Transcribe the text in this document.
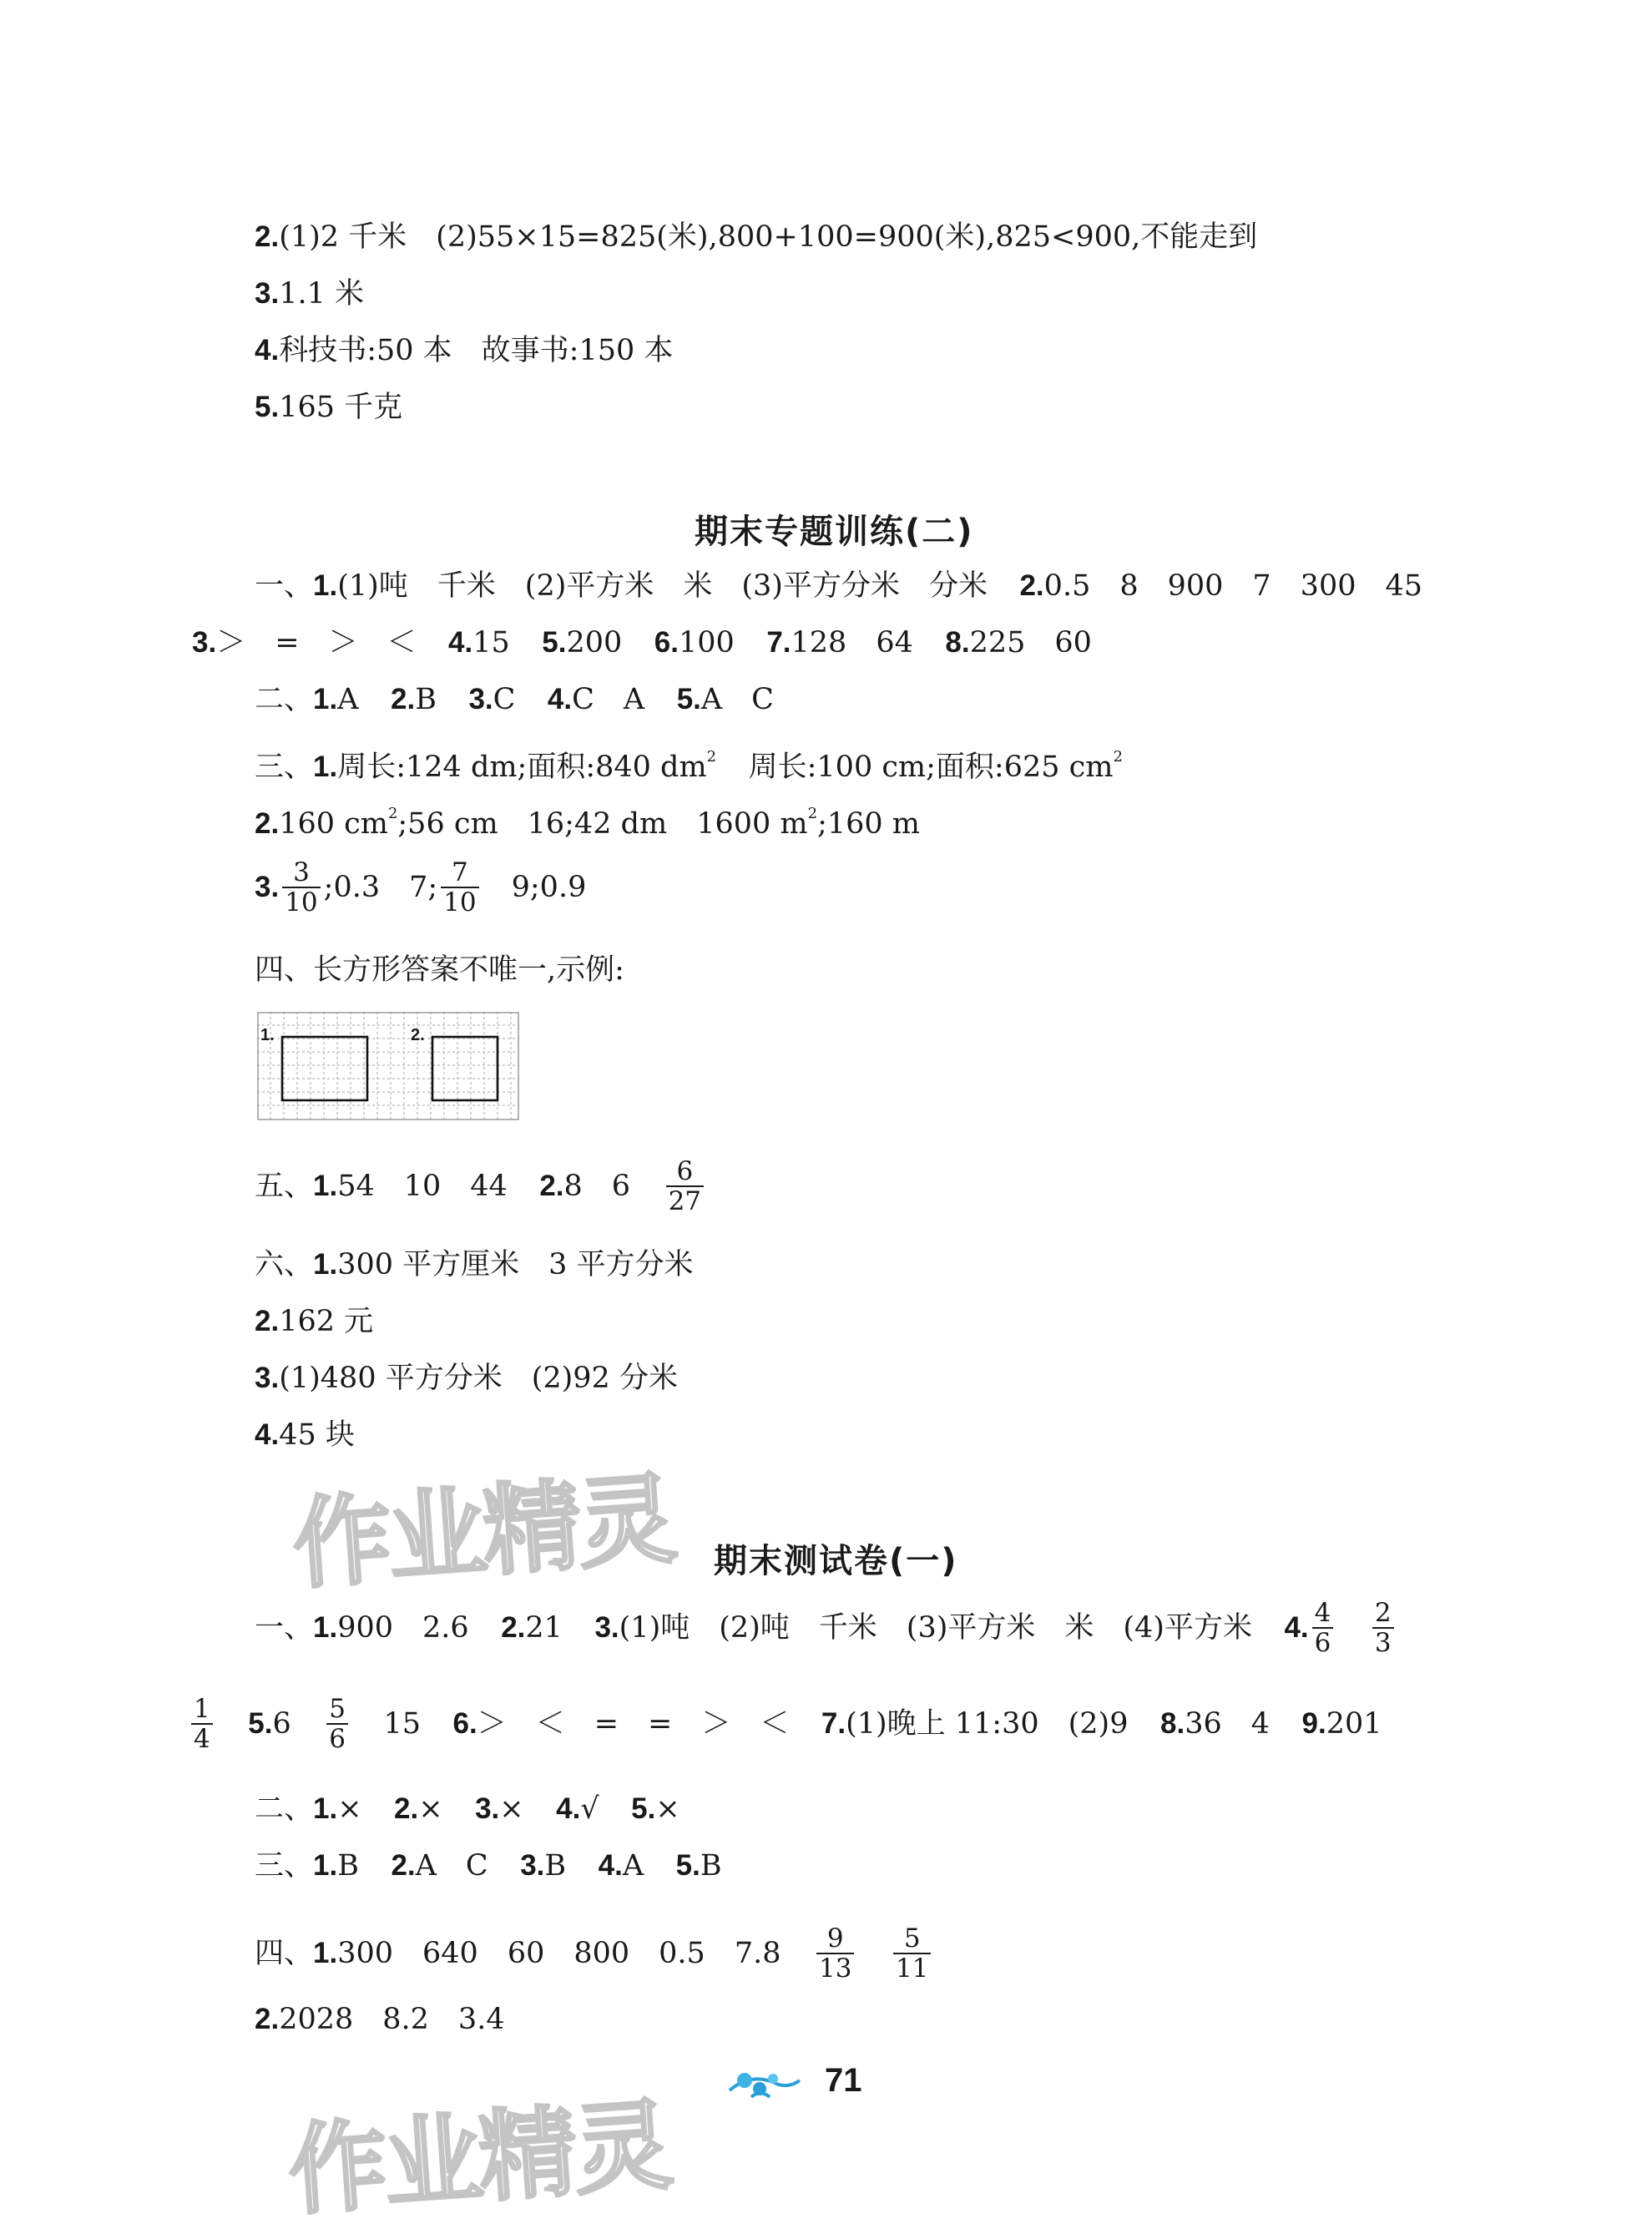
2.(1)2 千米　(2)55×15=825(米),800+100=900(米),825<900,不能走到
3.1.1 米
4.科技书:50 本　故事书:150 本
5.165 千克
期末专题训练(二)
一、1.(1)吨　千米　(2)平方米　米　(3)平方分米　分米 2.0.5　8　900　7　300　45
3.＞　=　＞　＜ 4.15 5.200 6.100 7.128　64 8.225　60
二、1.A 2.B 3.C 4.C　A 5.A　C
三、1.周长:124 dm;面积:840 $dm^2$ 周长:100 cm;面积:625 $cm^2$
2.160 $cm^2;56$ cm　16;42 dm　1600 $m^2;160$ m
3. $\frac{3}{10}$ ;0.3　7; $\frac{7}{10}$ 　9;0.9
四、长方形答案不唯一,示例:
1.	2.
五、 1. 54　10　44 2. 8　$6 \frac{6}{27}$
六、1.300 平方厘米　3 平方分米
2.162 元
3.(1)480 平方分米　(2)92 分米
4.45 块
作业精灵 期末测试卷(一)
一、 1. 900　2.6 2. 21 3. (1)吨　(2)吨　千米　(3)平方米　米　(4)平方米 4. $\frac{4}{6} \frac{2}{3}$
$\frac{1}{4} 5$. $6 \frac{5}{6} 15$ 6. ＞　＜　=　=　＞　＜ 7. (1)晚上 11:30　(2)9 8. 36　4 9. 201
二、1.× 2.× 3.× 4.√ 5.×
三、1.B 2.A　C 3.B 4.A 5.B
四、 1. 300　640　60　800　0.5　$7.8 \frac{9}{13} \frac{5}{11}$
2.2028　8.2　3.4
作业精灵
71
